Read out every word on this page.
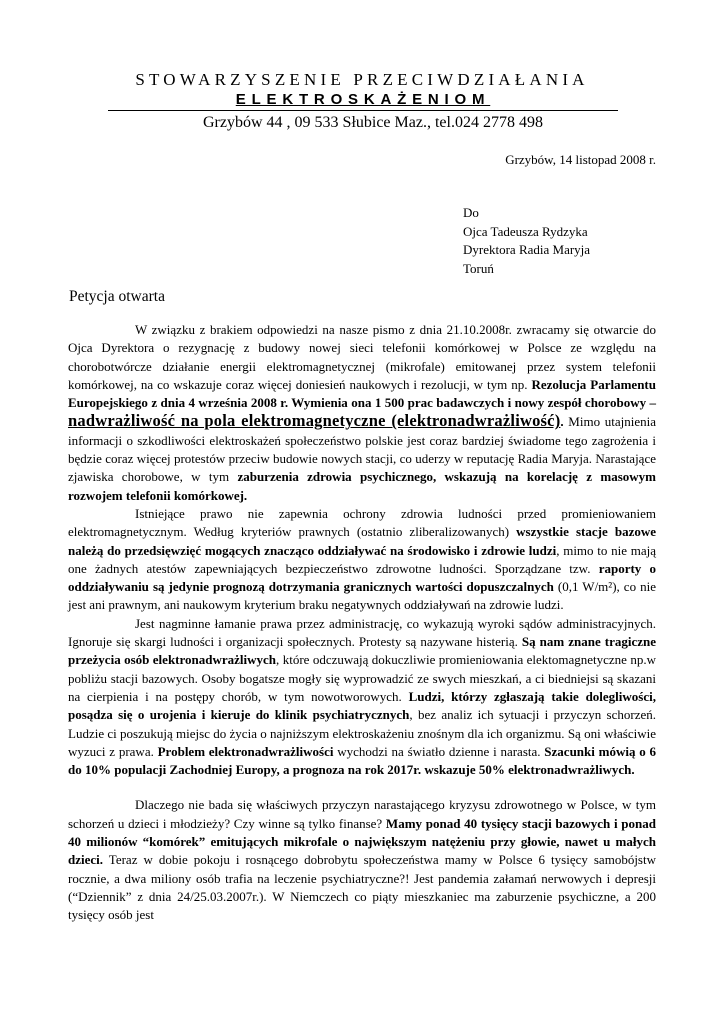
STOWARZYSZENIE PRZECIWDZIAŁANIA
ELEKTROSKAŻENIOM
Grzybów 44 , 09 533 Słubice Maz., tel.024 2778 498
Grzybów, 14 listopad 2008 r.
Do
Ojca Tadeusza Rydzyka
Dyrektora Radia Maryja
Toruń
Petycja otwarta

W związku z brakiem odpowiedzi na nasze pismo z dnia 21.10.2008r. zwracamy się otwarcie do Ojca Dyrektora o rezygnację z budowy nowej sieci telefonii komórkowej w Polsce ze względu na chorobotwórcze działanie energii elektromagnetycznej (mikrofale) emitowanej przez system telefonii komórkowej, na co wskazuje coraz więcej doniesień naukowych i rezolucji, w tym np. Rezolucja Parlamentu Europejskiego z dnia 4 września 2008 r. Wymienia ona 1 500 prac badawczych i nowy zespół chorobowy – nadwrażliwość na pola elektromagnetyczne (elektronadwrażliwość). Mimo utajnienia informacji o szkodliwości elektroskażeń społeczeństwo polskie jest coraz bardziej świadome tego zagrożenia i będzie coraz więcej protestów przeciw budowie nowych stacji, co uderzy w reputację Radia Maryja. Narastające zjawiska chorobowe, w tym zaburzenia zdrowia psychicznego, wskazują na korelację z masowym rozwojem telefonii komórkowej.

Istniejące prawo nie zapewnia ochrony zdrowia ludności przed promieniowaniem elektromagnetycznym. Według kryteriów prawnych (ostatnio zliberalizowanych) wszystkie stacje bazowe należą do przedsięwzięć mogących znacząco oddziaływać na środowisko i zdrowie ludzi, mimo to nie mają one żadnych atestów zapewniających bezpieczeństwo zdrowotne ludności. Sporządzane tzw. raporty o oddziaływaniu są jedynie prognozą dotrzymania granicznych wartości dopuszczalnych (0,1 W/m²), co nie jest ani prawnym, ani naukowym kryterium braku negatywnych oddziaływań na zdrowie ludzi.

Jest nagminne łamanie prawa przez administrację, co wykazują wyroki sądów administracyjnych. Ignoruje się skargi ludności i organizacji społecznych. Protesty są nazywane histerią. Są nam znane tragiczne przeżycia osób elektronadwrażliwych, które odczuwają dokuczliwie promieniowania elektomagnetyczne np.w pobliżu stacji bazowych. Osoby bogatsze mogły się wyprowadzić ze swych mieszkań, a ci biedniejsi są skazani na cierpienia i na postępy chorób, w tym nowotworowych. Ludzi, którzy zgłaszają takie dolegliwości, posądza się o urojenia i kieruje do klinik psychiatrycznych, bez analiz ich sytuacji i przyczyn schorzeń. Ludzie ci poszukują miejsc do życia o najniższym elektroskażeniu znośnym dla ich organizmu. Są oni właściwie wyzuci z prawa. Problem elektronadwrażliwości wychodzi na światło dzienne i narasta. Szacunki mówią o 6 do 10% populacji Zachodniej Europy, a prognoza na rok 2017r. wskazuje 50% elektronadwrażliwych.

Dlaczego nie bada się właściwych przyczyn narastającego kryzysu zdrowotnego w Polsce, w tym schorzeń u dzieci i młodzieży? Czy winne są tylko finanse? Mamy ponad 40 tysięcy stacji bazowych i ponad 40 milionów “komórek” emitujących mikrofale o największym natężeniu przy głowie, nawet u małych dzieci. Teraz w dobie pokoju i rosnącego dobrobytu społeczeństwa mamy w Polsce 6 tysięcy samobójstw rocznie, a dwa miliony osób trafia na leczenie psychiatryczne?! Jest pandemia załamań nerwowych i depresji (“Dziennik” z dnia 24/25.03.2007r.). W Niemczech co piąty mieszkaniec ma zaburzenie psychiczne, a 200 tysięcy osób jest
